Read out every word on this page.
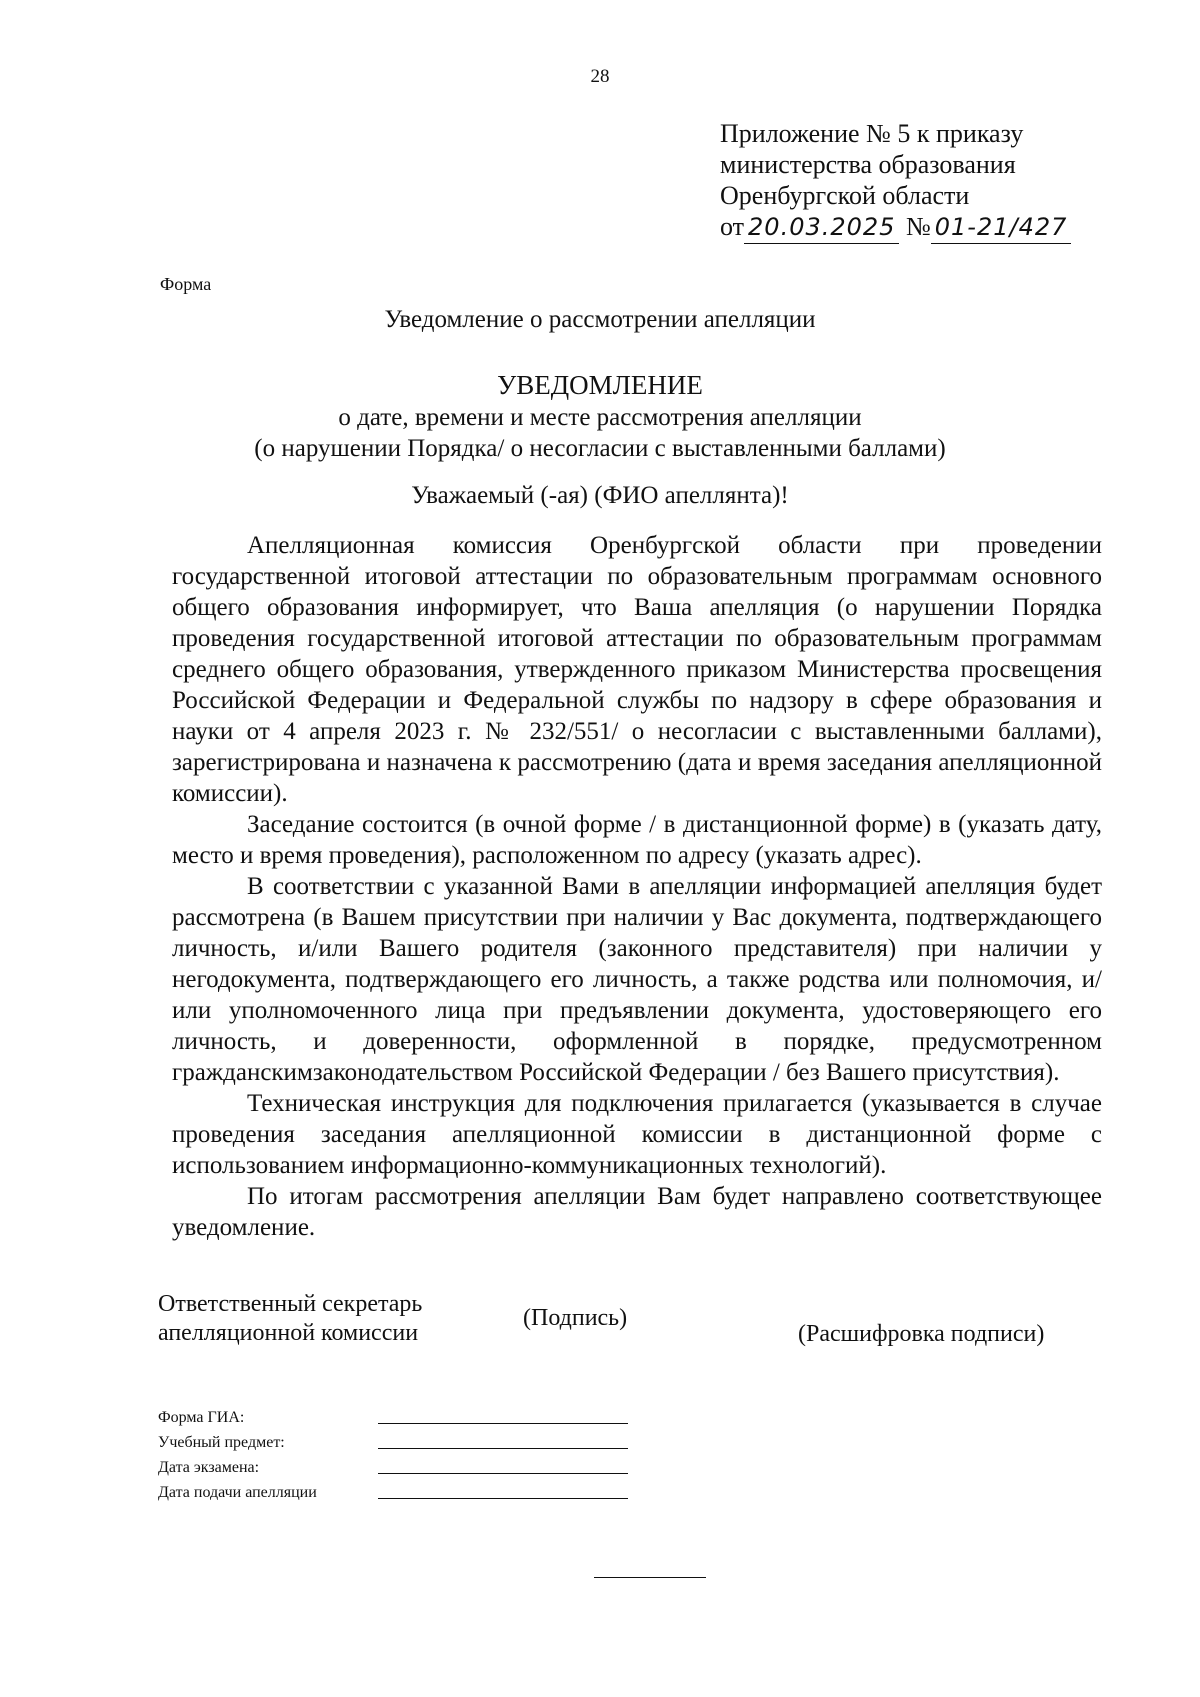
28
Приложение № 5 к приказу
министерства образования
Оренбургской области
от 20.03.2025 № 01-21/427
Форма
Уведомление о рассмотрении апелляции
УВЕДОМЛЕНИЕ
о дате, времени и месте рассмотрения апелляции
(о нарушении Порядка/ о несогласии с выставленными баллами)
Уважаемый (-ая) (ФИО апеллянта)!

Апелляционная комиссия Оренбургской области при проведении государственной итоговой аттестации по образовательным программам основного общего образования информирует, что Ваша апелляция (о нарушении Порядка проведения государственной итоговой аттестации по образовательным программам среднего общего образования, утвержденного приказом Министерства просвещения Российской Федерации и Федеральной службы по надзору в сфере образования и науки от 4 апреля 2023 г. № 232/551/ о несогласии с выставленными баллами), зарегистрирована и назначена к рассмотрению (дата и время заседания апелляционной комиссии).

Заседание состоится (в очной форме / в дистанционной форме) в (указать дату, место и время проведения), расположенном по адресу (указать адрес).

В соответствии с указанной Вами в апелляции информацией апелляция будет рассмотрена (в Вашем присутствии при наличии у Вас документа, подтверждающего личность, и/или Вашего родителя (законного представителя) при наличии у негодокумента, подтверждающего его личность, а также родства или полномочия, и/или уполномоченного лица при предъявлении документа, удостоверяющего его личность, и доверенности, оформленной в порядке, предусмотренном гражданскимзаконодательством Российской Федерации / без Вашего присутствия).

Техническая инструкция для подключения прилагается (указывается в случае проведения заседания апелляционной комиссии в дистанционной форме с использованием информационно-коммуникационных технологий).

По итогам рассмотрения апелляции Вам будет направлено соответствующее уведомление.

Ответственный секретарь
апелляционной комиссии
(Подпись)
(Расшифровка подписи)
Форма ГИА:
Учебный предмет:
Дата экзамена:
Дата подачи апелляции
